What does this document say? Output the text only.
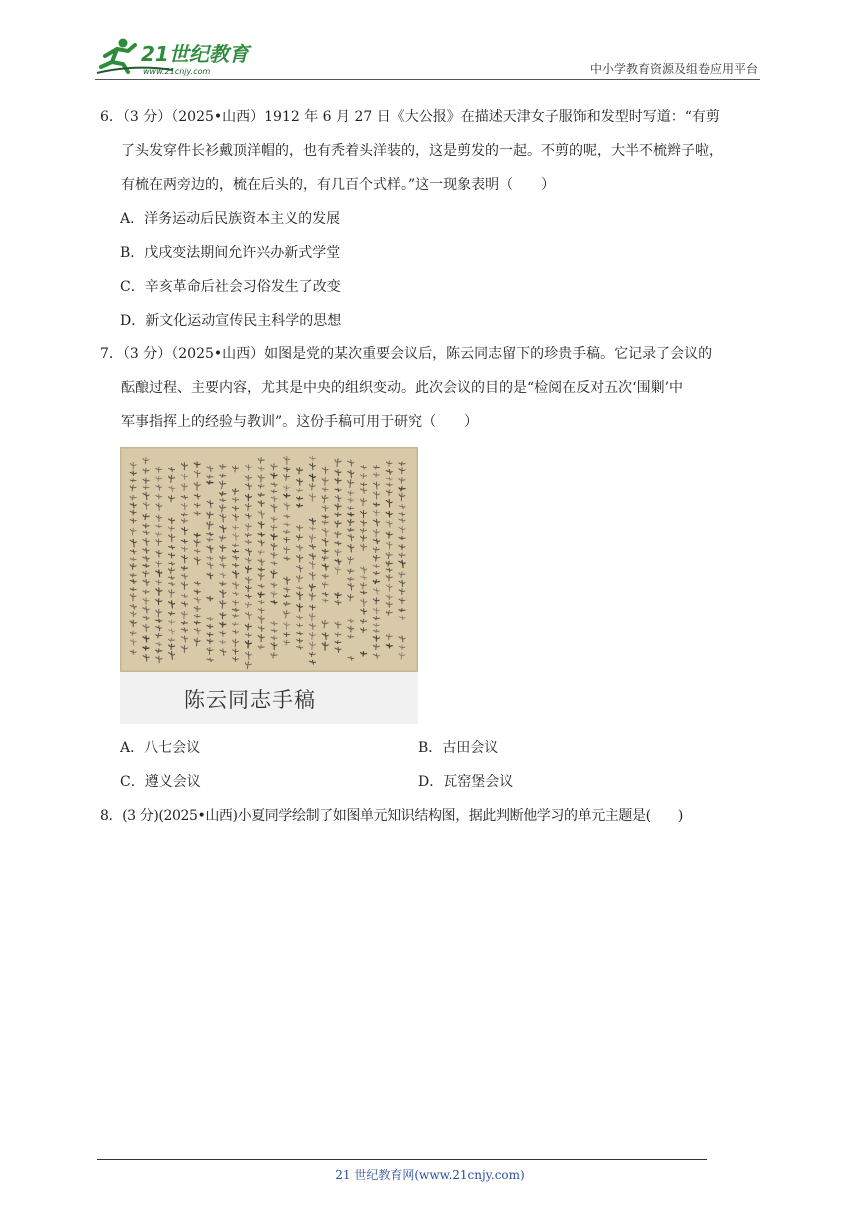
21世纪教育
www.21cnjy.com	中小学教育资源及组卷应用平台
6．（3 分）（2025•山西）1912 年 6 月 27 日《大公报》在描述天津女子服饰和发型时写道：“有剪
了头发穿件长衫戴顶洋帽的，也有秃着头洋装的，这是剪发的一起。不剪的呢，大半不梳辫子啦，
有梳在两旁边的，梳在后头的，有几百个式样。”这一现象表明（　　）
A．洋务运动后民族资本主义的发展
B．戊戌变法期间允许兴办新式学堂
C．辛亥革命后社会习俗发生了改变
D．新文化运动宣传民主科学的思想
7．（3 分）（2025•山西）如图是党的某次重要会议后，陈云同志留下的珍贵手稿。它记录了会议的
酝酿过程、主要内容，尤其是中央的组织变动。此次会议的目的是“检阅在反对五次‘围剿’中
军事指挥上的经验与教训”。这份手稿可用于研究（　　）
陈云同志手稿
A．八七会议	B．古田会议
C．遵义会议	D．瓦窑堡会议
8．(3 分)(2025•山西)小夏同学绘制了如图单元知识结构图，据此判断他学习的单元主题是(　　)
21 世纪教育网(www.21cnjy.com)
